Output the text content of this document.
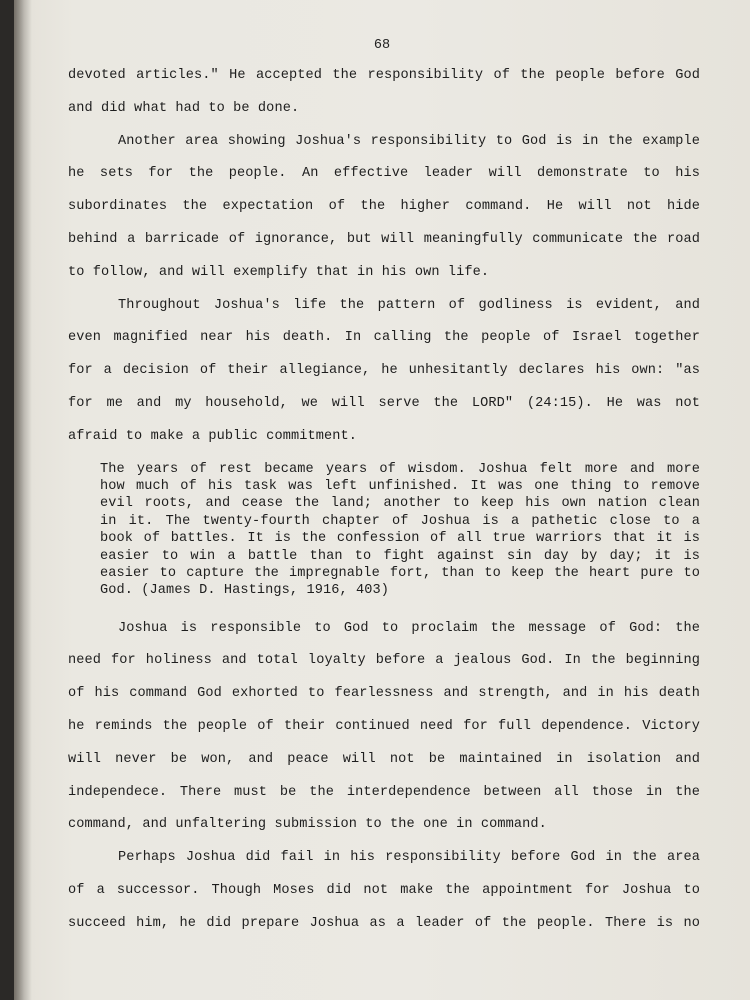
68
devoted articles." He accepted the responsibility of the people before God
and did what had to be done.
Another area showing Joshua's responsibility to God is in the example
he sets for the people. An effective leader will demonstrate to his
subordinates the expectation of the higher command. He will not hide
behind a barricade of ignorance, but will meaningfully communicate the road
to follow, and will exemplify that in his own life.
Throughout Joshua's life the pattern of godliness is evident, and
even magnified near his death. In calling the people of Israel together
for a decision of their allegiance, he unhesitantly declares his own: "as
for me and my household, we will serve the LORD" (24:15). He was not
afraid to make a public commitment.
The years of rest became years of wisdom. Joshua felt more and more
how much of his task was left unfinished. It was one thing to remove
evil roots, and cease the land; another to keep his own nation clean
in it. The twenty-fourth chapter of Joshua is a pathetic close to a
book of battles. It is the confession of all true warriors that it is
easier to win a battle than to fight against sin day by day; it is
easier to capture the impregnable fort, than to keep the heart pure to
God. (James D. Hastings, 1916, 403)
Joshua is responsible to God to proclaim the message of God: the
need for holiness and total loyalty before a jealous God. In the beginning
of his command God exhorted to fearlessness and strength, and in his death
he reminds the people of their continued need for full dependence. Victory
will never be won, and peace will not be maintained in isolation and
independece. There must be the interdependence between all those in the
command, and unfaltering submission to the one in command.
Perhaps Joshua did fail in his responsibility before God in the area
of a successor. Though Moses did not make the appointment for Joshua to
succeed him, he did prepare Joshua as a leader of the people. There is no
